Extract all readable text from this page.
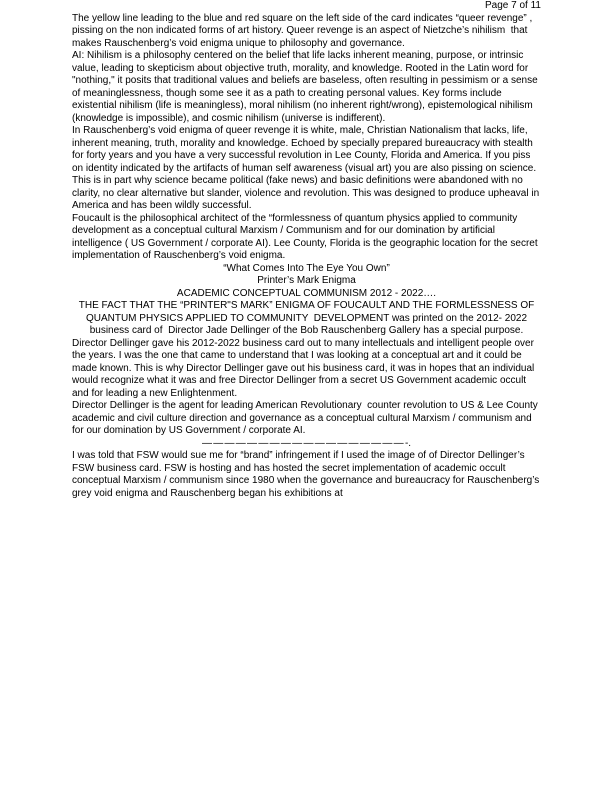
Page 7 of 11

The yellow line leading to the blue and red square on the left side of the card indicates “queer revenge” , pissing on the non indicated forms of art history. Queer revenge is an aspect of Nietzche’s nihilism  that makes Rauschenberg’s void enigma unique to philosophy and governance.

AI: Nihilism is a philosophy centered on the belief that life lacks inherent meaning, purpose, or intrinsic value, leading to skepticism about objective truth, morality, and knowledge. Rooted in the Latin word for "nothing," it posits that traditional values and beliefs are baseless, often resulting in pessimism or a sense of meaninglessness, though some see it as a path to creating personal values. Key forms include existential nihilism (life is meaningless), moral nihilism (no inherent right/wrong), epistemological nihilism (knowledge is impossible), and cosmic nihilism (universe is indifferent).

In Rauschenberg’s void enigma of queer revenge it is white, male, Christian Nationalism that lacks, life, inherent meaning, truth, morality and knowledge. Echoed by specially prepared bureaucracy with stealth for forty years and you have a very successful revolution in Lee County, Florida and America. If you piss on identity indicated by the artifacts of human self awareness (visual art) you are also pissing on science. This is in part why science became political (fake news) and basic definitions were abandoned with no clarity, no clear alternative but slander, violence and revolution. This was designed to produce upheaval in America and has been wildly successful.

Foucault is the philosophical architect of the “formlessness of quantum physics applied to community development as a conceptual cultural Marxism / Communism and for our domination by artificial intelligence ( US Government / corporate AI). Lee County, Florida is the geographic location for the secret implementation of Rauschenberg’s void enigma.

“What Comes Into The Eye You Own”

Printer’s Mark Enigma

ACADEMIC CONCEPTUAL COMMUNISM 2012 - 2022….

THE FACT THAT THE “PRINTER"S MARK” ENIGMA OF FOUCAULT AND THE FORMLESSNESS OF QUANTUM PHYSICS APPLIED TO COMMUNITY  DEVELOPMENT was printed on the 2012- 2022 business card of  Director Jade Dellinger of the Bob Rauschenberg Gallery has a special purpose.

Director Dellinger gave his 2012-2022 business card out to many intellectuals and intelligent people over the years. I was the one that came to understand that I was looking at a conceptual art and it could be made known. This is why Director Dellinger gave out his business card, it was in hopes that an individual would recognize what it was and free Director Dellinger from a secret US Government academic occult and for leading a new Enlightenment.

Director Dellinger is the agent for leading American Revolutionary  counter revolution to US & Lee County academic and civil culture direction and governance as a conceptual cultural Marxism / communism and for our domination by US Government / corporate AI.

— — — — — — — — — — — — — — — — — — -.

I was told that FSW would sue me for “brand” infringement if I used the image of of Director Dellinger’s FSW business card. FSW is hosting and has hosted the secret implementation of academic occult conceptual Marxism / communism since 1980 when the governance and bureaucracy for Rauschenberg’s grey void enigma and Rauschenberg began his exhibitions at
